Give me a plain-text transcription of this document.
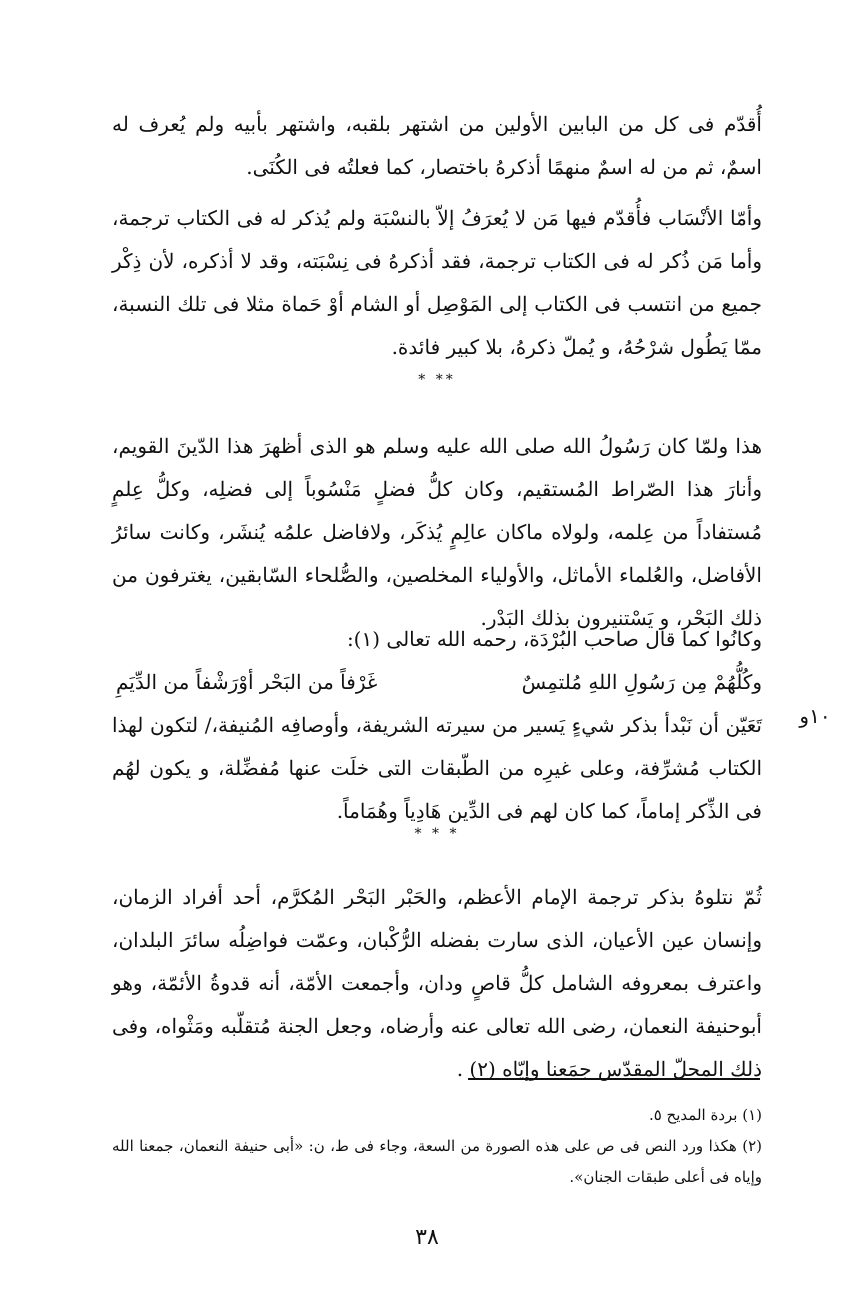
أُقدّم فى كل من البابين الأولين من اشتهر بلقبه، واشتهر بأبيه ولم يُعرف له اسمٌ، ثم من له اسمٌ منهمًا أذكرهُ باختصار، كما فعلتُه فى الكُنَى.

وأمّا الأنْسَاب فأُقدّم فيها مَن لا يُعرَفُ إلاّ بالنسْبَة ولم يُذكر له فى الكتاب ترجمة، وأما مَن ذُكر له فى الكتاب ترجمة، فقد أذكرهُ فى نِسْبَته، وقد لا أذكره، لأن ذِكْر جميع من انتسب فى الكتاب إلى المَوْصِل أو الشام أوْ حَماة مثلا فى تلك النسبة، ممّا يَطُول شرْحُهُ، و يُملّ ذكرهُ، بلا كبير فائدة.

* **

هذا ولمّا كان رَسُولُ الله صلى الله عليه وسلم هو الذى أظهرَ هذا الدّينَ القويم، وأنارَ هذا الصّراط المُستقيم، وكان كلُّ فضلٍ مَنْسُوباً إلى فضلِه، وكلُّ عِلمٍ مُستفاداً من عِلمه، ولولاه ماكان عالِمٍ يُذكَر، ولافاضل علمُه يُنشَر، وكانت سائرُ الأفاضل، والعُلماء الأماثل، والأولياء المخلصين، والصُّلحاء السّابقين، يغترفون من ذلك البَحْر، و يَسْتنيرون بذلك البَدْر.

وكانُوا كما قال صاحب البُرْدَة، رحمه الله تعالى (١):

وكُلُّهُمْ مِن رَسُولِ اللهِ مُلتمِسٌ
غَرْفاً من البَحْر أوْرَشْفاً من الدِّيَمِ

تَعَيّن أن نَبْدأ بذكر شيءٍ يَسير من سيرته الشريفة، وأوصافِه المُنيفة،/ لتكون لهذا الكتاب مُشرِّفة، وعلى غيرِه من الطّبقات التى خلَت عنها مُفضِّلة، و يكون لهُم فى الذِّكر إماماً، كما كان لهم فى الدِّين هَادِياً وهُمَاماً.

١٠و
* * *

ثُمّ نتلوهُ بذكر ترجمة الإمام الأعظم، والحَبْر البَحْر المُكرَّم، أحد أفراد الزمان، وإنسان عين الأعيان، الذى سارت بفضله الرُّكْبان، وعمّت فواضِلُه سائرَ البلدان، واعترف بمعروفه الشامل كلُّ قاصٍ ودان، وأجمعت الأمّة، أنه قدوةُ الأئمّة، وهو أبوحنيفة النعمان، رضى الله تعالى عنه وأرضاه، وجعل الجنة مُتقلّبه ومَثْواه، وفى ذلك المحلّ المقدّس جمَعنا وإيّاه (٢) .

(١) بردة المديح ٥.

(٢) هكذا ورد النص فى ص على هذه الصورة من السعة، وجاء فى ط، ن: «أبى حنيفة النعمان، جمعنا الله وإياه فى أعلى طبقات الجنان».

٣٨
